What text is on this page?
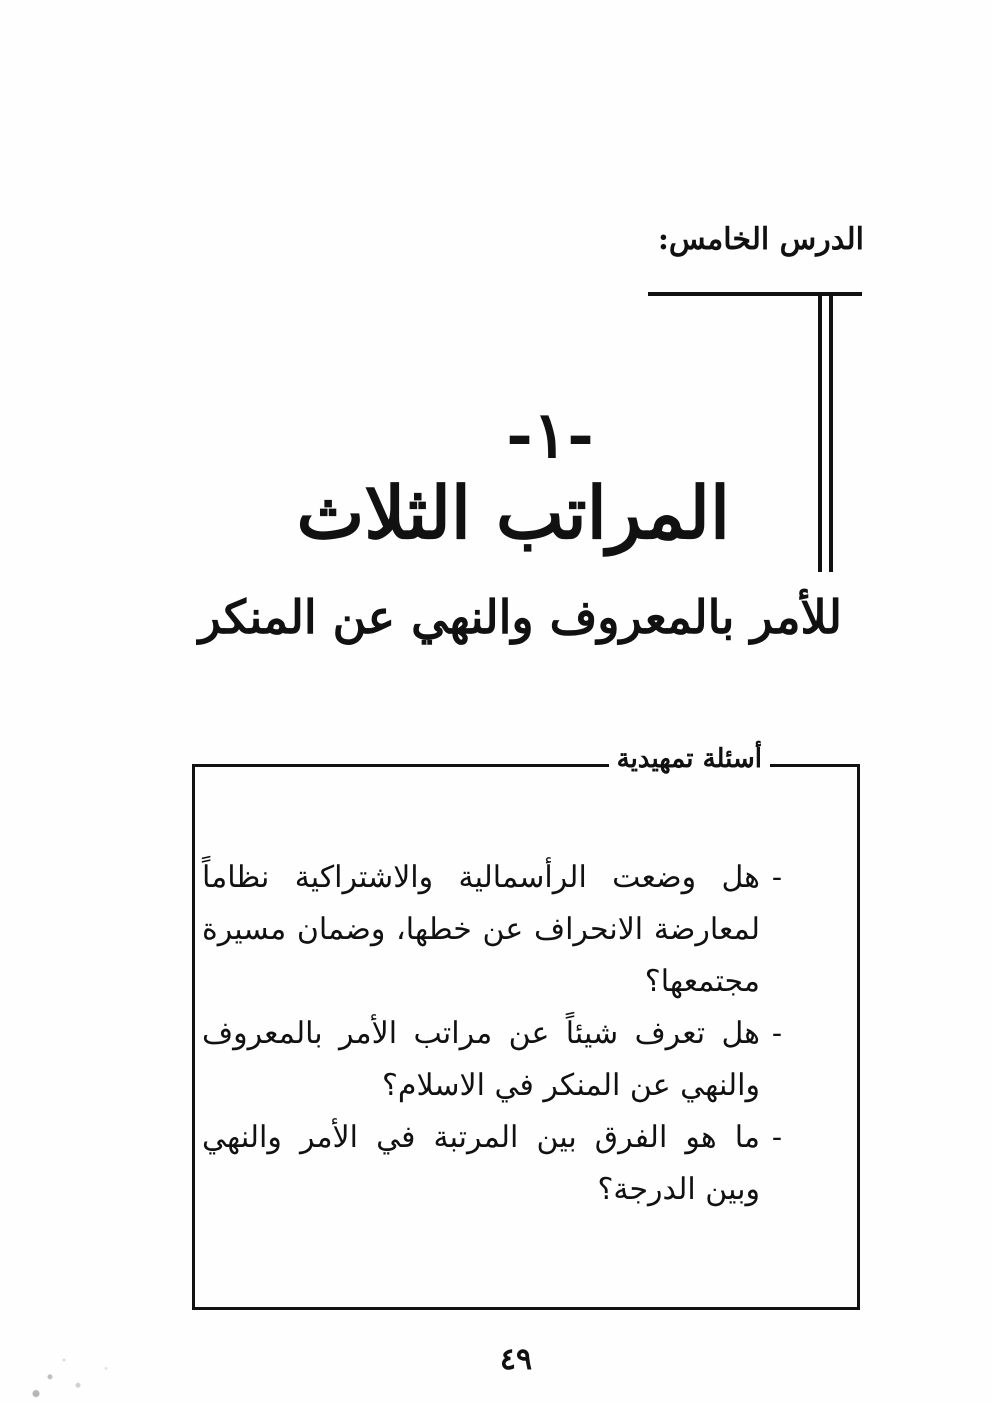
الدرس الخامس:
-١-
المراتب الثلاث
للأمر بالمعروف والنهي عن المنكر
أسئلة تمهيدية
- هل وضعت الرأسمالية والاشتراكية نظاماً لمعارضة الانحراف عن خطها، وضمان مسيرة مجتمعها؟
- هل تعرف شيئاً عن مراتب الأمر بالمعروف والنهي عن المنكر في الاسلام؟
- ما هو الفرق بين المرتبة في الأمر والنهي وبين الدرجة؟
٤٩
